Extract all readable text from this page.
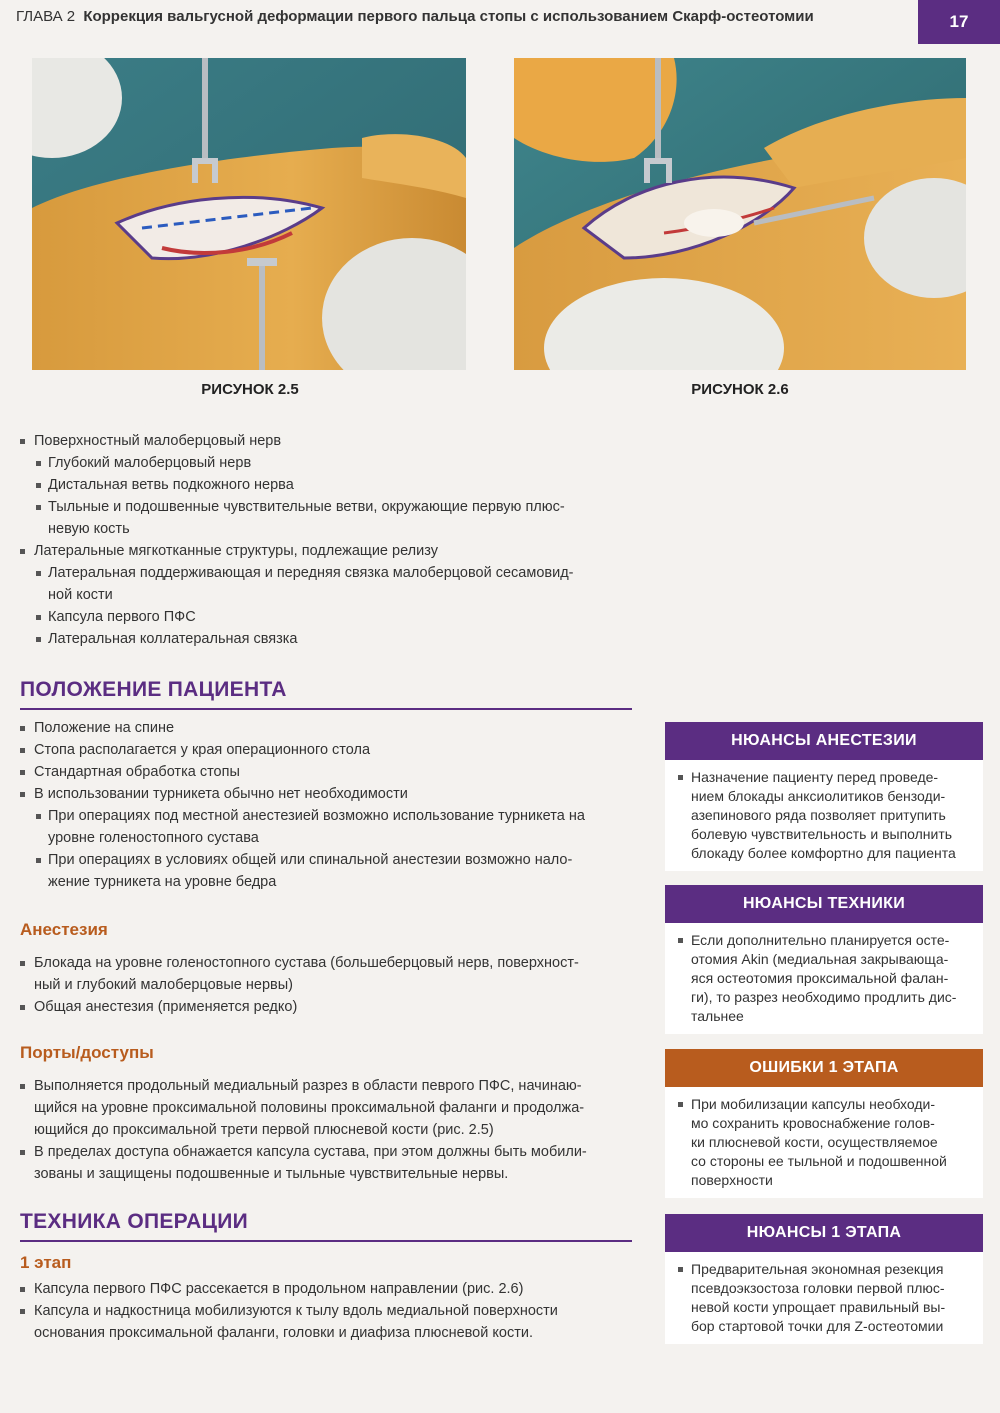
ГЛАВА 2 Коррекция вальгусной деформации первого пальца стопы с использованием Скарф-остеотомии	17
РИСУНОК 2.5	РИСУНОК 2.6
Поверхностный малоберцовый нерв
Глубокий малоберцовый нерв
Дистальная ветвь подкожного нерва
Тыльные и подошвенные чувствительные ветви, окружающие первую плюс-
невую кость
Латеральные мягкотканные структуры, подлежащие релизу
Латеральная поддерживающая и передняя связка малоберцовой сесамовид-
ной кости
Капсула первого ПФС
Латеральная коллатеральная связка
ПОЛОЖЕНИЕ ПАЦИЕНТА
Положение на спине
Стопа располагается у края операционного стола
Стандартная обработка стопы
В использовании турникета обычно нет необходимости
При операциях под местной анестезией возможно использование турникета на
уровне голеностопного сустава
При операциях в условиях общей или спинальной анестезии возможно нало-
жение турникета на уровне бедра
Анестезия
Блокада на уровне голеностопного сустава (большеберцовый нерв, поверхност-
ный и глубокий малоберцовые нервы)
Общая анестезия (применяется редко)
Порты/доступы
Выполняется продольный медиальный разрез в области певрого ПФС, начинаю-
щийся на уровне проксимальной половины проксимальной фаланги и продолжа-
ющийся до проксимальной трети первой плюсневой кости (рис. 2.5)
В пределах доступа обнажается капсула сустава, при этом должны быть мобили-
зованы и защищены подошвенные и тыльные чувствительные нервы.
ТЕХНИКА ОПЕРАЦИИ
1 этап
Капсула первого ПФС рассекается в продольном направлении (рис. 2.6)
Капсула и надкостница мобилизуются к тылу вдоль медиальной поверхности
основания проксимальной фаланги, головки и диафиза плюсневой кости.
НЮАНСЫ АНЕСТЕЗИИ
Назначение пациенту перед проведе-
нием блокады анксиолитиков бензоди-
азепинового ряда позволяет притупить
болевую чувствительность и выполнить
блокаду более комфортно для пациента
НЮАНСЫ ТЕХНИКИ
Если дополнительно планируется осте-
отомия Akin (медиальная закрывающа-
яся остеотомия проксимальной фалан-
ги), то разрез необходимо продлить дис-
тальнее
ОШИБКИ 1 ЭТАПА
При мобилизации капсулы необходи-
мо сохранить кровоснабжение голов-
ки плюсневой кости, осуществляемое
со стороны ее тыльной и подошвенной
поверхности
НЮАНСЫ 1 ЭТАПА
Предварительная экономная резекция
псевдоэкзостоза головки первой плюс-
невой кости упрощает правильный вы-
бор стартовой точки для Z-остеотомии
